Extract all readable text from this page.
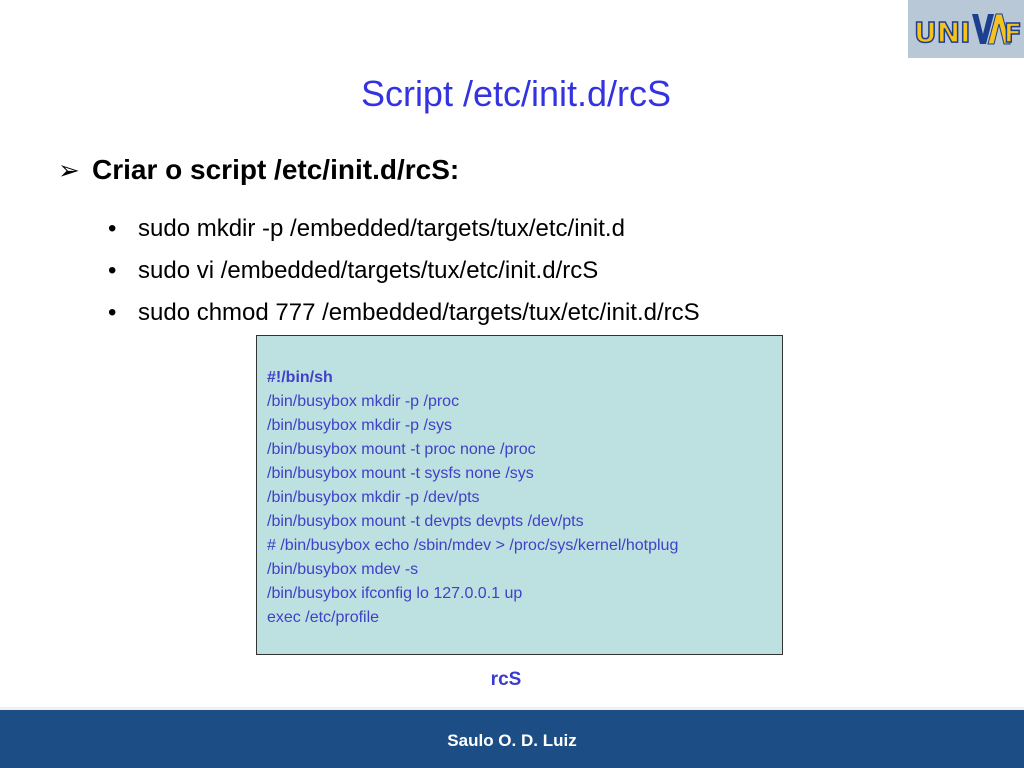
UNI F
Script /etc/init.d/rcS
➢ Criar o script /etc/init.d/rcS:
• sudo mkdir -p /embedded/targets/tux/etc/init.d
• sudo vi /embedded/targets/tux/etc/init.d/rcS
• sudo chmod 777 /embedded/targets/tux/etc/init.d/rcS
#!/bin/sh
/bin/busybox mkdir -p /proc
/bin/busybox mkdir -p /sys
/bin/busybox mount -t proc none /proc
/bin/busybox mount -t sysfs none /sys
/bin/busybox mkdir -p /dev/pts
/bin/busybox mount -t devpts devpts /dev/pts
# /bin/busybox echo /sbin/mdev > /proc/sys/kernel/hotplug
/bin/busybox mdev -s
/bin/busybox ifconfig lo 127.0.0.1 up
exec /etc/profile
rcS
Saulo O. D. Luiz
